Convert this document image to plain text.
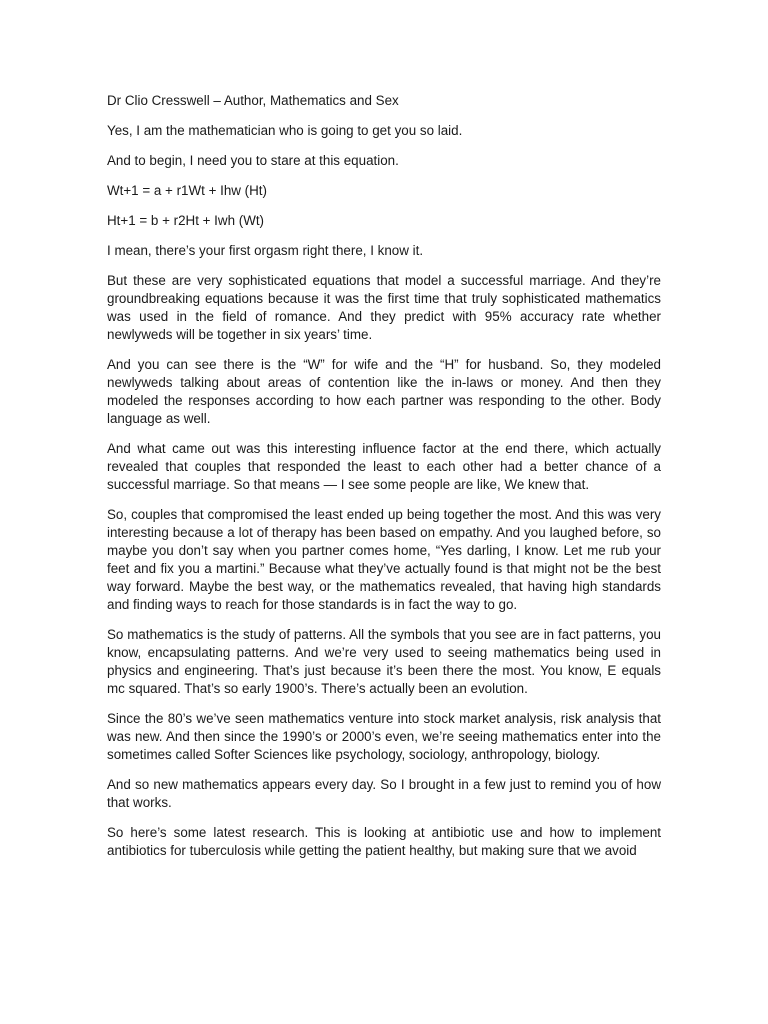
Dr Clio Cresswell – Author, Mathematics and Sex

Yes, I am the mathematician who is going to get you so laid.

And to begin, I need you to stare at this equation.

Wt+1 = a + r1Wt + Ihw (Ht)

Ht+1 = b + r2Ht + Iwh (Wt)

I mean, there’s your first orgasm right there, I know it.

But these are very sophisticated equations that model a successful marriage. And they’re groundbreaking equations because it was the first time that truly sophisticated mathematics was used in the field of romance. And they predict with 95% accuracy rate whether newlyweds will be together in six years’ time.

And you can see there is the “W” for wife and the “H” for husband. So, they modeled newlyweds talking about areas of contention like the in-laws or money. And then they modeled the responses according to how each partner was responding to the other. Body language as well.

And what came out was this interesting influence factor at the end there, which actually revealed that couples that responded the least to each other had a better chance of a successful marriage. So that means — I see some people are like, We knew that.

So, couples that compromised the least ended up being together the most. And this was very interesting because a lot of therapy has been based on empathy. And you laughed before, so maybe you don’t say when you partner comes home, “Yes darling, I know. Let me rub your feet and fix you a martini.” Because what they’ve actually found is that might not be the best way forward. Maybe the best way, or the mathematics revealed, that having high standards and finding ways to reach for those standards is in fact the way to go.

So mathematics is the study of patterns. All the symbols that you see are in fact patterns, you know, encapsulating patterns. And we’re very used to seeing mathematics being used in physics and engineering. That’s just because it’s been there the most. You know, E equals mc squared. That’s so early 1900’s. There’s actually been an evolution.

Since the 80’s we’ve seen mathematics venture into stock market analysis, risk analysis that was new. And then since the 1990’s or 2000’s even, we’re seeing mathematics enter into the sometimes called Softer Sciences like psychology, sociology, anthropology, biology.

And so new mathematics appears every day. So I brought in a few just to remind you of how that works.

So here’s some latest research. This is looking at antibiotic use and how to implement antibiotics for tuberculosis while getting the patient healthy, but making sure that we avoid
